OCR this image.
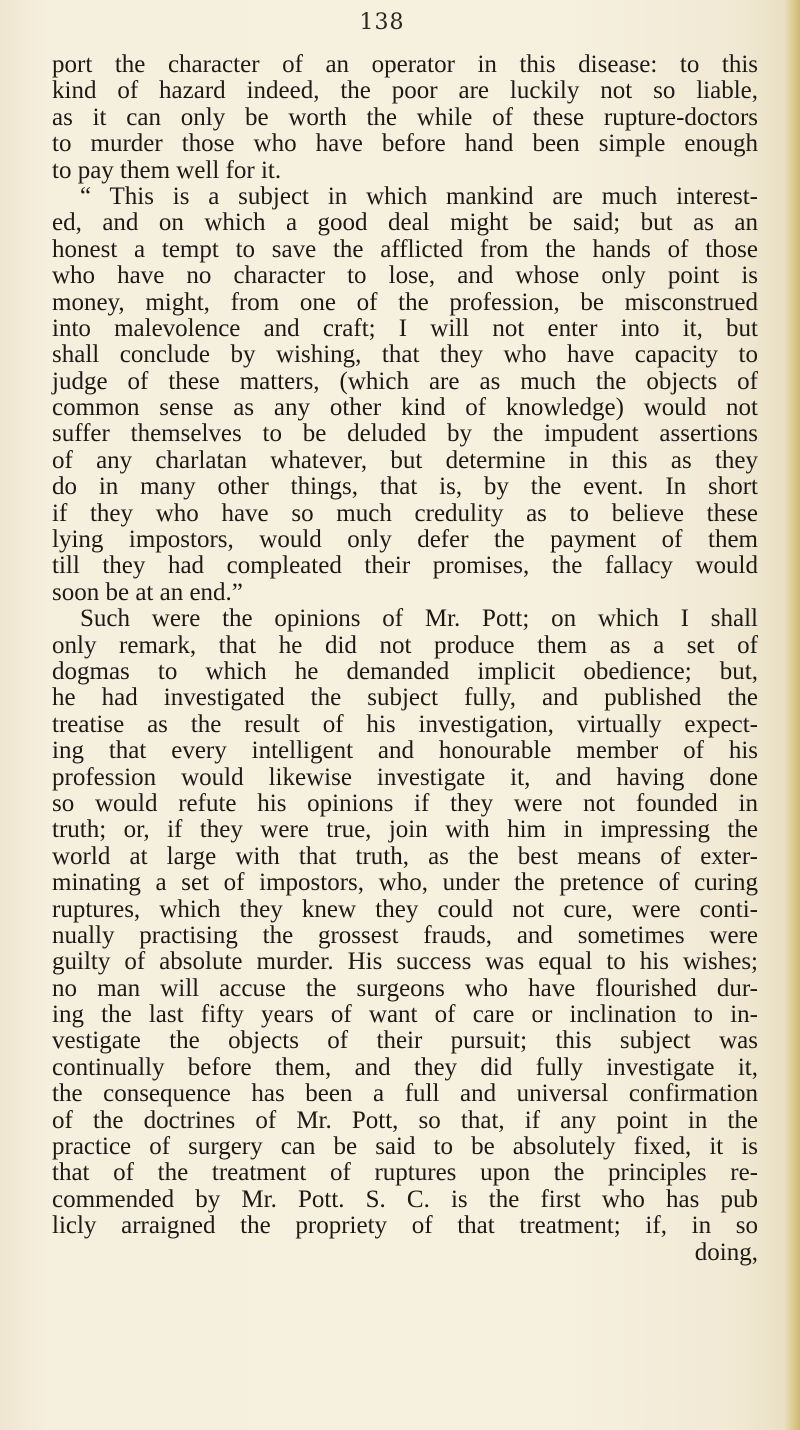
138
port the character of an operator in this disease: to this
kind of hazard indeed, the poor are luckily not so liable,
as it can only be worth the while of these rupture-doctors
to murder those who have before hand been simple enough
to pay them well for it.
“ This is a subject in which mankind are much interest-
ed, and on which a good deal might be said; but as an
honest a tempt to save the afflicted from the hands of those
who have no character to lose, and whose only point is
money, might, from one of the profession, be misconstrued
into malevolence and craft; I will not enter into it, but
shall conclude by wishing, that they who have capacity to
judge of these matters, (which are as much the objects of
common sense as any other kind of knowledge) would not
suffer themselves to be deluded by the impudent assertions
of any charlatan whatever, but determine in this as they
do in many other things, that is, by the event. In short
if they who have so much credulity as to believe these
lying impostors, would only defer the payment of them
till they had compleated their promises, the fallacy would
soon be at an end.”
Such were the opinions of Mr. Pott; on which I shall
only remark, that he did not produce them as a set of
dogmas to which he demanded implicit obedience; but,
he had investigated the subject fully, and published the
treatise as the result of his investigation, virtually expect-
ing that every intelligent and honourable member of his
profession would likewise investigate it, and having done
so would refute his opinions if they were not founded in
truth; or, if they were true, join with him in impressing the
world at large with that truth, as the best means of exter-
minating a set of impostors, who, under the pretence of curing
ruptures, which they knew they could not cure, were conti-
nually practising the grossest frauds, and sometimes were
guilty of absolute murder. His success was equal to his wishes;
no man will accuse the surgeons who have flourished dur-
ing the last fifty years of want of care or inclination to in-
vestigate the objects of their pursuit; this subject was
continually before them, and they did fully investigate it,
the consequence has been a full and universal confirmation
of the doctrines of Mr. Pott, so that, if any point in the
practice of surgery can be said to be absolutely fixed, it is
that of the treatment of ruptures upon the principles re-
commended by Mr. Pott. S. C. is the first who has pub
licly arraigned the propriety of that treatment; if, in so
doing,
